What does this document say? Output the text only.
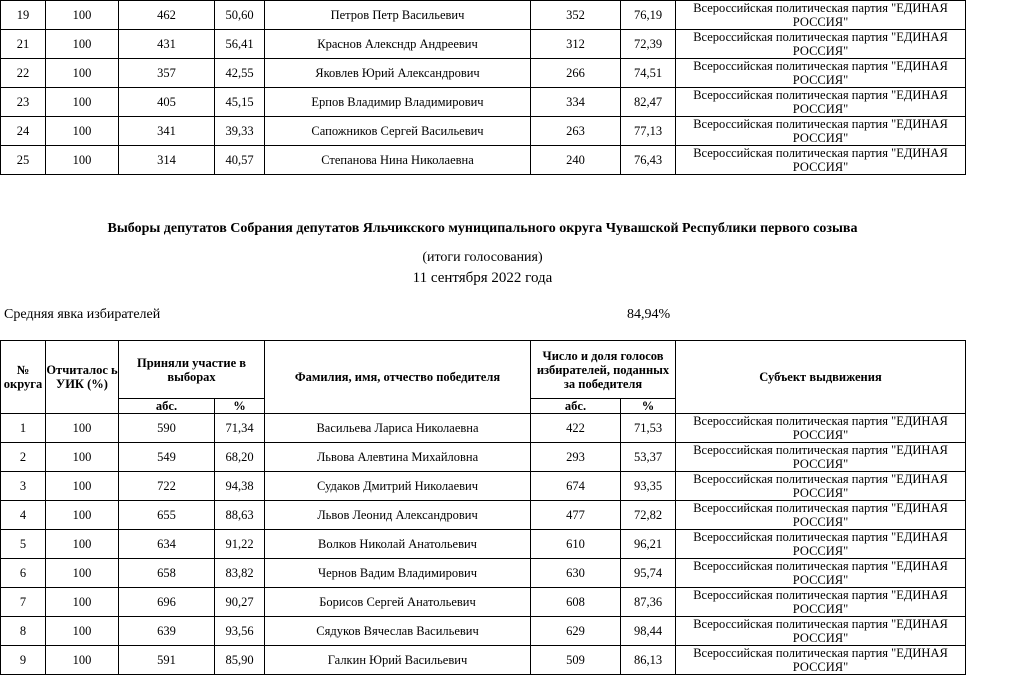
19	100	462	50,60	Петров Петр Васильевич	352	76,19	Всероссийская политическая партия "ЕДИНАЯ РОССИЯ"
21	100	431	56,41	Краснов Алексндр Андреевич	312	72,39	Всероссийская политическая партия "ЕДИНАЯ РОССИЯ"
22	100	357	42,55	Яковлев Юрий Александрович	266	74,51	Всероссийская политическая партия "ЕДИНАЯ РОССИЯ"
23	100	405	45,15	Ерпов Владимир Владимирович	334	82,47	Всероссийская политическая партия "ЕДИНАЯ РОССИЯ"
24	100	341	39,33	Сапожников Сергей Васильевич	263	77,13	Всероссийская политическая партия "ЕДИНАЯ РОССИЯ"
25	100	314	40,57	Степанова Нина Николаевна	240	76,43	Всероссийская политическая партия "ЕДИНАЯ РОССИЯ"
Выборы депутатов Собрания депутатов Яльчикского муниципального округа Чувашской Республики первого созыва
(итоги голосования)
11 сентября 2022 года
Средняя явка избирателей	84,94%
№ округа	Отчиталос ь УИК (%)	Приняли участие в выборах		Фамилия, имя, отчество победителя	Число и доля голосов избирателей, поданных за победителя		Субъект выдвижения
		абс.	%		абс.	%	
1	100	590	71,34	Васильева Лариса Николаевна	422	71,53	Всероссийская политическая партия "ЕДИНАЯ РОССИЯ"
2	100	549	68,20	Львова Алевтина Михайловна	293	53,37	Всероссийская политическая партия "ЕДИНАЯ РОССИЯ"
3	100	722	94,38	Судаков Дмитрий Николаевич	674	93,35	Всероссийская политическая партия "ЕДИНАЯ РОССИЯ"
4	100	655	88,63	Львов Леонид Александрович	477	72,82	Всероссийская политическая партия "ЕДИНАЯ РОССИЯ"
5	100	634	91,22	Волков Николай Анатольевич	610	96,21	Всероссийская политическая партия "ЕДИНАЯ РОССИЯ"
6	100	658	83,82	Чернов Вадим Владимирович	630	95,74	Всероссийская политическая партия "ЕДИНАЯ РОССИЯ"
7	100	696	90,27	Борисов Сергей Анатольевич	608	87,36	Всероссийская политическая партия "ЕДИНАЯ РОССИЯ"
8	100	639	93,56	Сядуков Вячеслав Васильевич	629	98,44	Всероссийская политическая партия "ЕДИНАЯ РОССИЯ"
9	100	591	85,90	Галкин Юрий Васильевич	509	86,13	Всероссийская политическая партия "ЕДИНАЯ РОССИЯ"
